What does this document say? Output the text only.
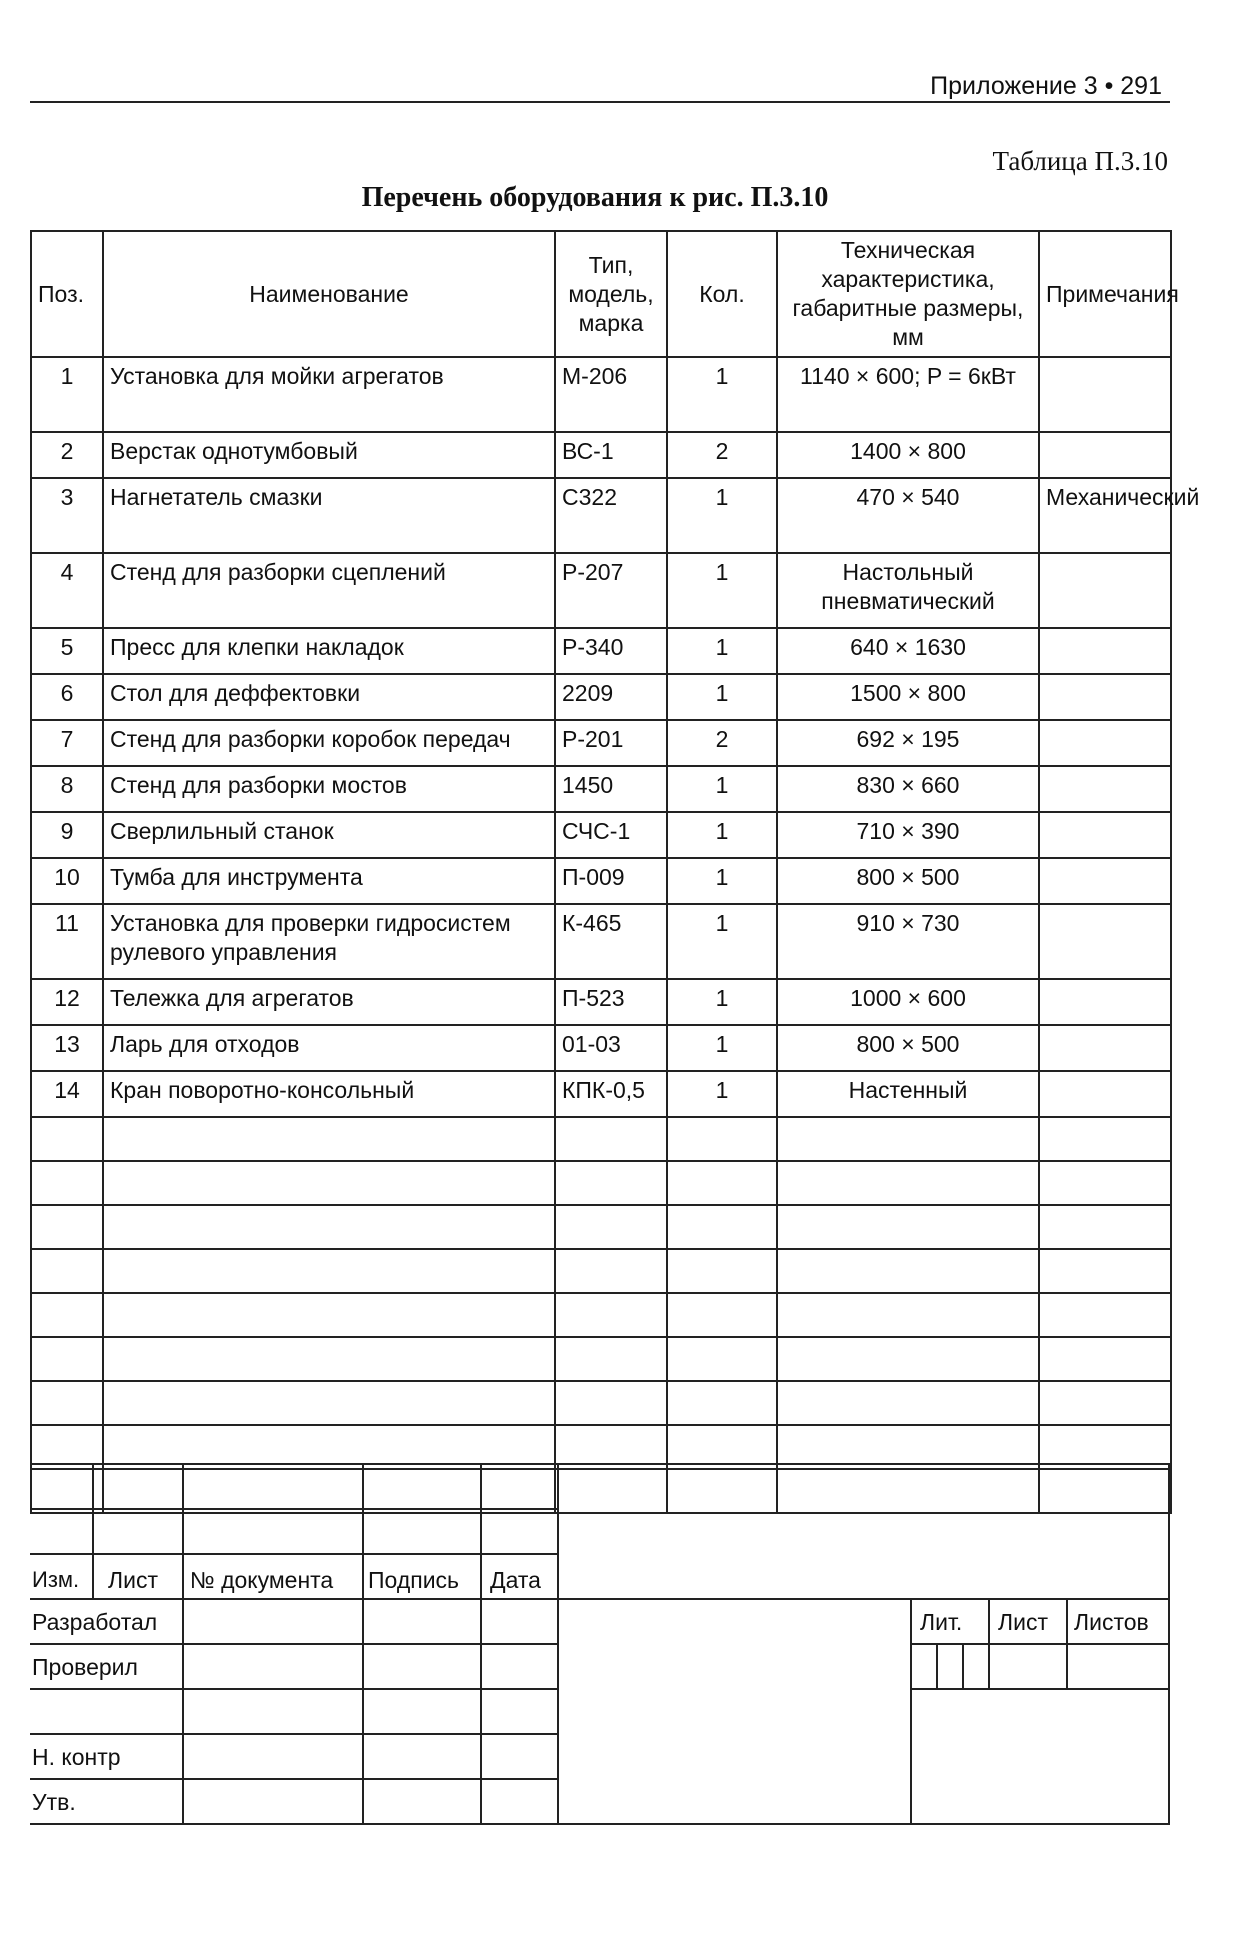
Приложение 3 • 291
Таблица П.3.10
Перечень оборудования к рис. П.3.10
Поз.	Наименование	Тип, модель, марка	Кол.	Техническая характеристика, габаритные размеры, мм	Примечания
1	Установка для мойки агрегатов	М-206	1	1140 × 600; P = 6кВт	
2	Верстак однотумбовый	ВС-1	2	1400 × 800	
3	Нагнетатель смазки	С322	1	470 × 540	Механический
4	Стенд для разборки сцеплений	Р-207	1	Настольный пневматический	
5	Пресс для клепки накладок	Р-340	1	640 × 1630	
6	Стол для деффектовки	2209	1	1500 × 800	
7	Стенд для разборки коробок передач	Р-201	2	692 × 195	
8	Стенд для разборки мостов	1450	1	830 × 660	
9	Сверлильный станок	СЧС-1	1	710 × 390	
10	Тумба для инструмента	П-009	1	800 × 500	
11	Установка для проверки гидросистем рулевого управления	К-465	1	910 × 730	
12	Тележка для агрегатов	П-523	1	1000 × 600	
13	Ларь для отходов	01-03	1	800 × 500	
14	Кран поворотно-консольный	КПК-0,5	1	Настенный	

Изм. Лист № документа Подпись Дата
Разработал
Проверил
Н. контр
Утв.
Лит. Лист Листов
